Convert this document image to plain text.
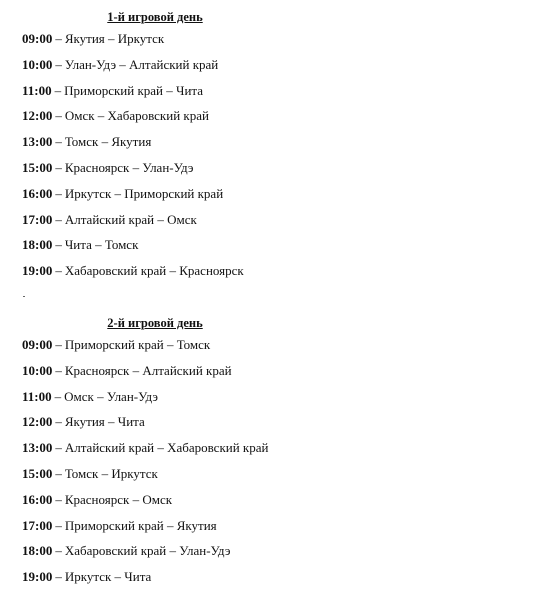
1-й игровой день
09:00 – Якутия – Иркутск
10:00 – Улан-Удэ – Алтайский край
11:00 – Приморский край – Чита
12:00 – Омск – Хабаровский край
13:00 – Томск – Якутия
15:00 – Красноярск – Улан-Удэ
16:00 – Иркутск – Приморский край
17:00 – Алтайский край – Омск
18:00 – Чита – Томск
19:00 – Хабаровский край – Красноярск
2-й игровой день
09:00 – Приморский край – Томск
10:00 – Красноярск – Алтайский край
11:00 – Омск – Улан-Удэ
12:00 – Якутия – Чита
13:00 – Алтайский край – Хабаровский край
15:00 – Томск – Иркутск
16:00 – Красноярск – Омск
17:00 – Приморский край – Якутия
18:00 – Хабаровский край – Улан-Удэ
19:00 – Иркутск – Чита
